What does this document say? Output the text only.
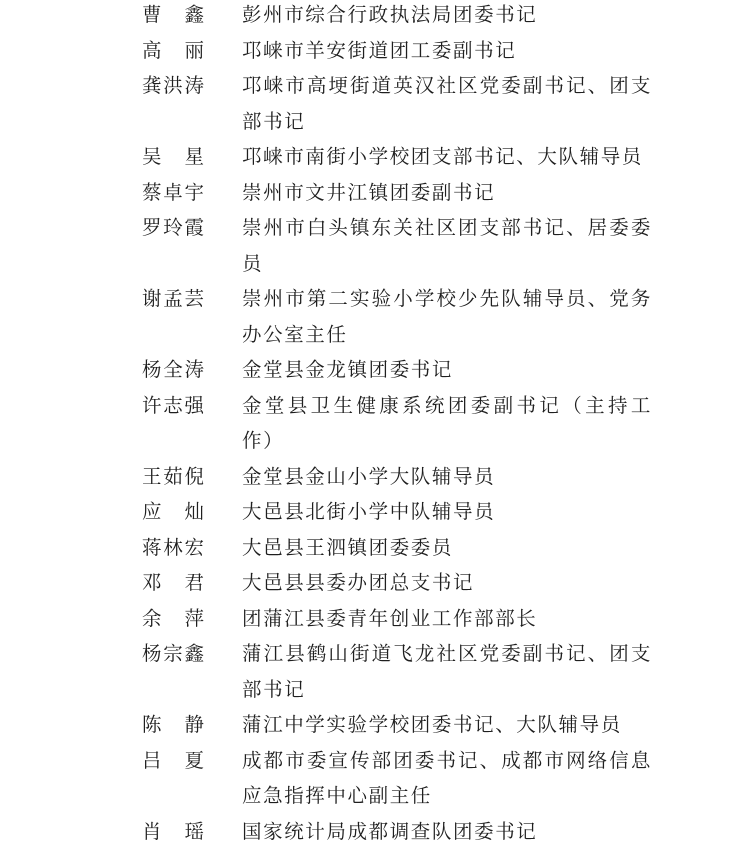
曹　鑫 彭州市综合行政执法局团委书记
高　丽 邛崃市羊安街道团工委副书记
龚洪涛 邛崃市高埂街道英汉社区党委副书记、团支部书记
吴　星 邛崃市南街小学校团支部书记、大队辅导员
蔡卓宇 崇州市文井江镇团委副书记
罗玲霞 崇州市白头镇东关社区团支部书记、居委委员
谢孟芸 崇州市第二实验小学校少先队辅导员、党务办公室主任
杨全涛 金堂县金龙镇团委书记
许志强 金堂县卫生健康系统团委副书记（主持工作）
王茹倪 金堂县金山小学大队辅导员
应　灿 大邑县北街小学中队辅导员
蒋林宏 大邑县王泗镇团委委员
邓　君 大邑县县委办团总支书记
余　萍 团蒲江县委青年创业工作部部长
杨宗鑫 蒲江县鹤山街道飞龙社区党委副书记、团支部书记
陈　静 蒲江中学实验学校团委书记、大队辅导员
吕　夏 成都市委宣传部团委书记、成都市网络信息应急指挥中心副主任
肖　瑶 国家统计局成都调查队团委书记
